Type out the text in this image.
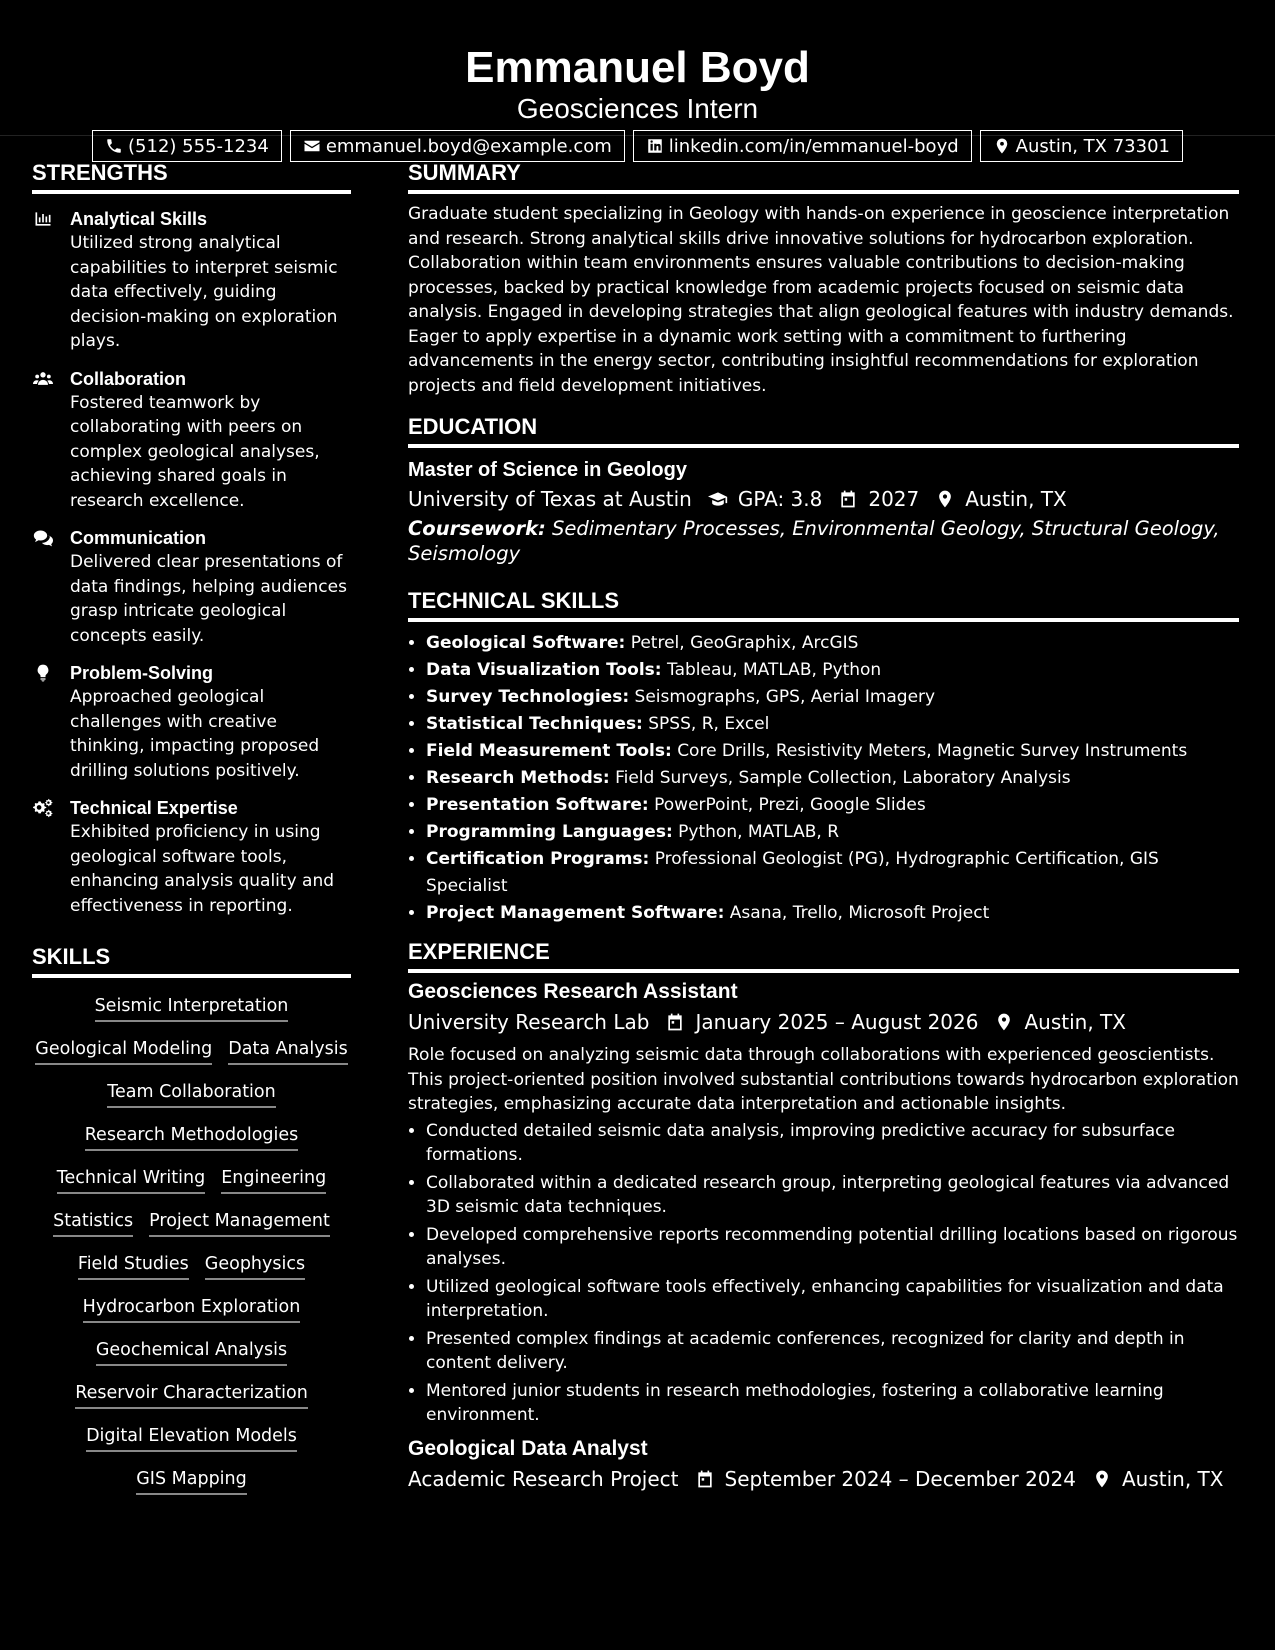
Emmanuel Boyd
Geosciences Intern
(512) 555-1234	emmanuel.boyd@example.com	linkedin.com/in/emmanuel-boyd	Austin, TX 73301
STRENGTHS
Analytical Skills
Utilized strong analytical capabilities to interpret seismic data effectively, guiding decision-making on exploration plays.
Collaboration
Fostered teamwork by collaborating with peers on complex geological analyses, achieving shared goals in research excellence.
Communication
Delivered clear presentations of data findings, helping audiences grasp intricate geological concepts easily.
Problem-Solving
Approached geological challenges with creative thinking, impacting proposed drilling solutions positively.
Technical Expertise
Exhibited proficiency in using geological software tools, enhancing analysis quality and effectiveness in reporting.
SKILLS
Seismic Interpretation
Geological Modeling Data Analysis
Team Collaboration
Research Methodologies
Technical Writing Engineering
Statistics Project Management
Field Studies Geophysics
Hydrocarbon Exploration
Geochemical Analysis
Reservoir Characterization
Digital Elevation Models
GIS Mapping
SUMMARY
Graduate student specializing in Geology with hands-on experience in geoscience interpretation and research. Strong analytical skills drive innovative solutions for hydrocarbon exploration. Collaboration within team environments ensures valuable contributions to decision-making processes, backed by practical knowledge from academic projects focused on seismic data analysis. Engaged in developing strategies that align geological features with industry demands. Eager to apply expertise in a dynamic work setting with a commitment to furthering advancements in the energy sector, contributing insightful recommendations for exploration projects and field development initiatives.
EDUCATION
Master of Science in Geology
University of Texas at Austin GPA: 3.8 2027 Austin, TX
Coursework: Sedimentary Processes, Environmental Geology, Structural Geology, Seismology
TECHNICAL SKILLS
• Geological Software: Petrel, GeoGraphix, ArcGIS
• Data Visualization Tools: Tableau, MATLAB, Python
• Survey Technologies: Seismographs, GPS, Aerial Imagery
• Statistical Techniques: SPSS, R, Excel
• Field Measurement Tools: Core Drills, Resistivity Meters, Magnetic Survey Instruments
• Research Methods: Field Surveys, Sample Collection, Laboratory Analysis
• Presentation Software: PowerPoint, Prezi, Google Slides
• Programming Languages: Python, MATLAB, R
• Certification Programs: Professional Geologist (PG), Hydrographic Certification, GIS Specialist
• Project Management Software: Asana, Trello, Microsoft Project
EXPERIENCE
Geosciences Research Assistant
University Research Lab January 2025 – August 2026 Austin, TX
Role focused on analyzing seismic data through collaborations with experienced geoscientists. This project-oriented position involved substantial contributions towards hydrocarbon exploration strategies, emphasizing accurate data interpretation and actionable insights.
• Conducted detailed seismic data analysis, improving predictive accuracy for subsurface formations.
• Collaborated within a dedicated research group, interpreting geological features via advanced 3D seismic data techniques.
• Developed comprehensive reports recommending potential drilling locations based on rigorous analyses.
• Utilized geological software tools effectively, enhancing capabilities for visualization and data interpretation.
• Presented complex findings at academic conferences, recognized for clarity and depth in content delivery.
• Mentored junior students in research methodologies, fostering a collaborative learning environment.
Geological Data Analyst
Academic Research Project September 2024 – December 2024 Austin, TX
